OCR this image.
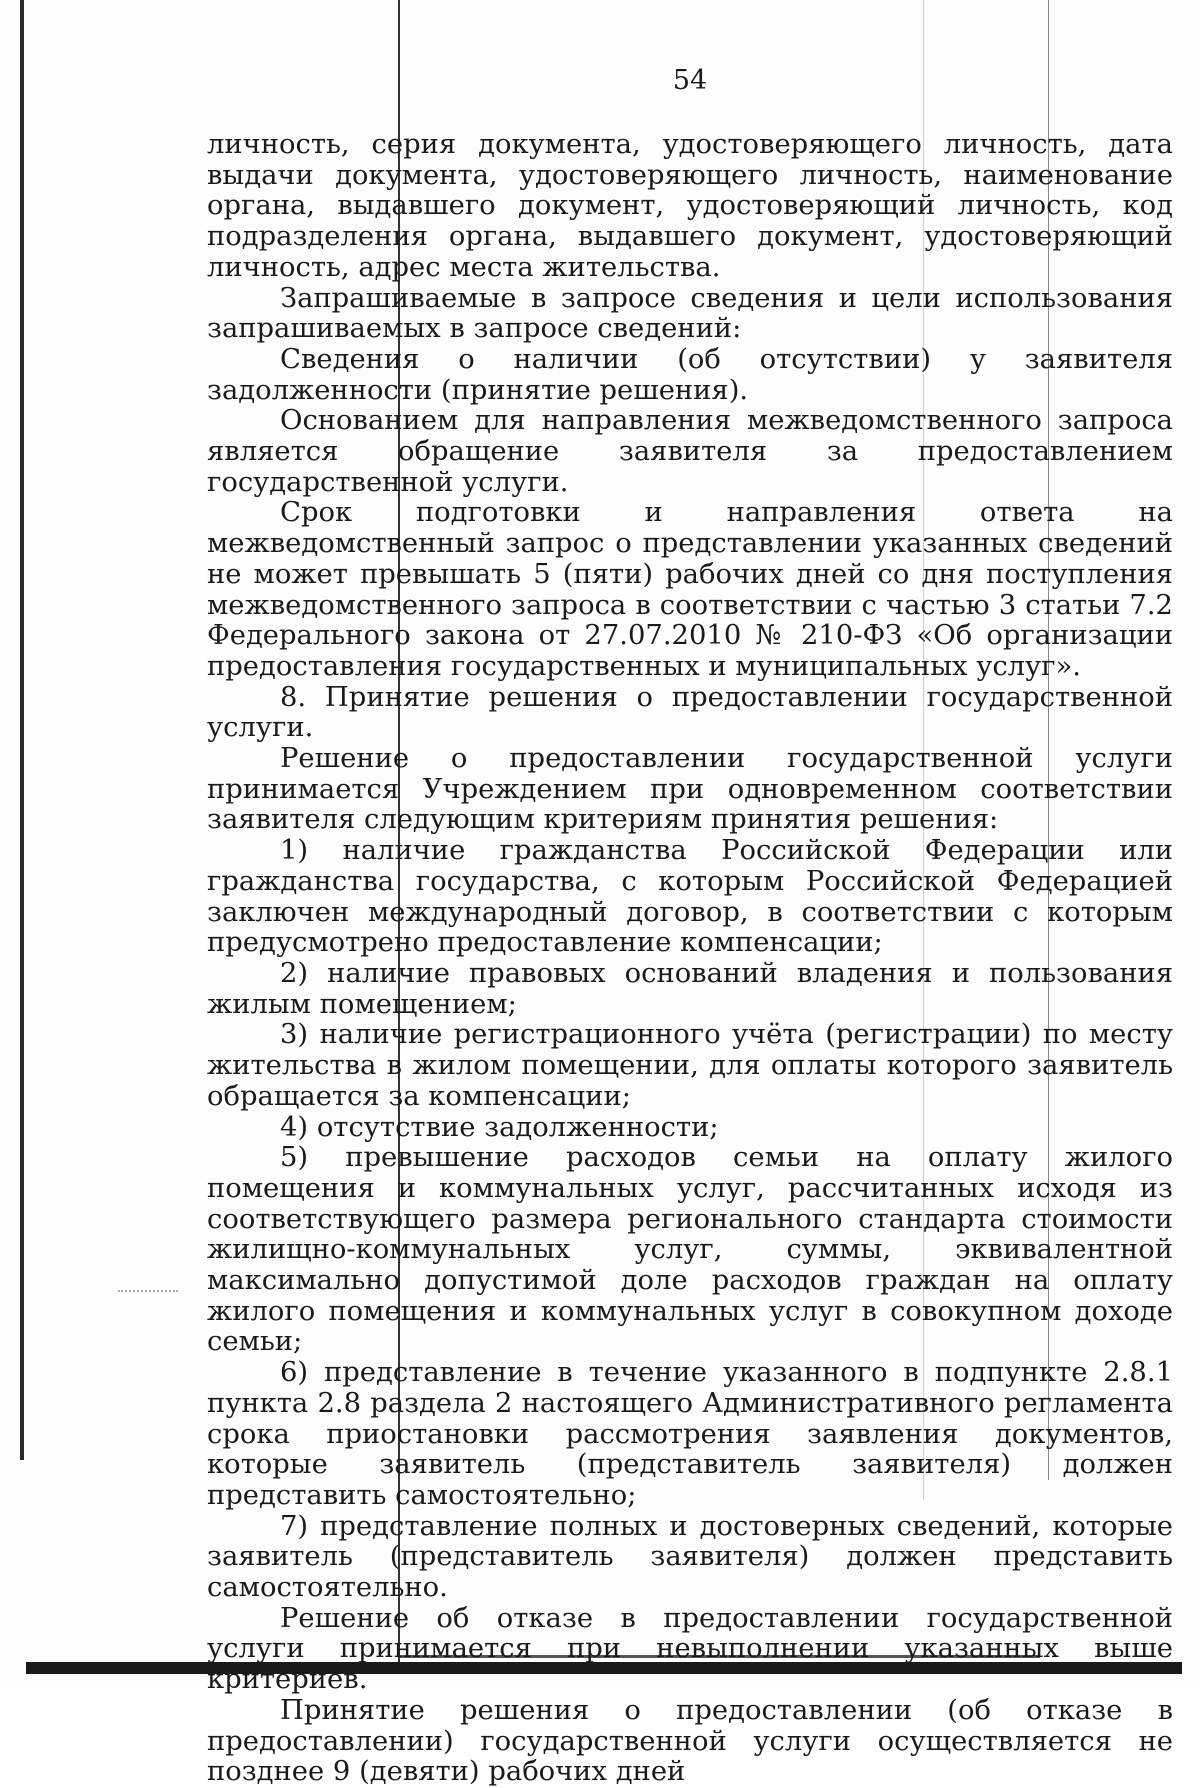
54

личность, серия документа, удостоверяющего личность, дата выдачи документа, удостоверяющего личность, наименование органа, выдавшего документ, удостоверяющий личность, код подразделения органа, выдавшего документ, удостоверяющий личность, адрес места жительства.

Запрашиваемые в запросе сведения и цели использования запрашиваемых в запросе сведений:

Сведения о наличии (об отсутствии) у заявителя задолженности (принятие решения).

Основанием для направления межведомственного запроса является обращение заявителя за предоставлением государственной услуги.

Срок подготовки и направления ответа на межведомственный запрос о представлении указанных сведений не может превышать 5 (пяти) рабочих дней со дня поступления межведомственного запроса в соответствии с частью 3 статьи 7.2 Федерального закона от 27.07.2010 № 210-ФЗ «Об организации предоставления государственных и муниципальных услуг».

8. Принятие решения о предоставлении государственной услуги.

Решение о предоставлении государственной услуги принимается Учреждением при одновременном соответствии заявителя следующим критериям принятия решения:

1) наличие гражданства Российской Федерации или гражданства государства, с которым Российской Федерацией заключен международный договор, в соответствии с которым предусмотрено предоставление компенсации;

2) наличие правовых оснований владения и пользования жилым помещением;

3) наличие регистрационного учёта (регистрации) по месту жительства в жилом помещении, для оплаты которого заявитель обращается за компенсации;

4) отсутствие задолженности;

5) превышение расходов семьи на оплату жилого помещения и коммунальных услуг, рассчитанных исходя из соответствующего размера регионального стандарта стоимости жилищно-коммунальных услуг, суммы, эквивалентной максимально допустимой доле расходов граждан на оплату жилого помещения и коммунальных услуг в совокупном доходе семьи;

6) представление в течение указанного в подпункте 2.8.1 пункта 2.8 раздела 2 настоящего Административного регламента срока приостановки рассмотрения заявления документов, которые заявитель (представитель заявителя) должен представить самостоятельно;

7) представление полных и достоверных сведений, которые заявитель (представитель заявителя) должен представить самостоятельно.

Решение об отказе в предоставлении государственной услуги принимается при невыполнении указанных выше критериев.

Принятие решения о предоставлении (об отказе в предоставлении) государственной услуги осуществляется не позднее 9 (девяти) рабочих дней
